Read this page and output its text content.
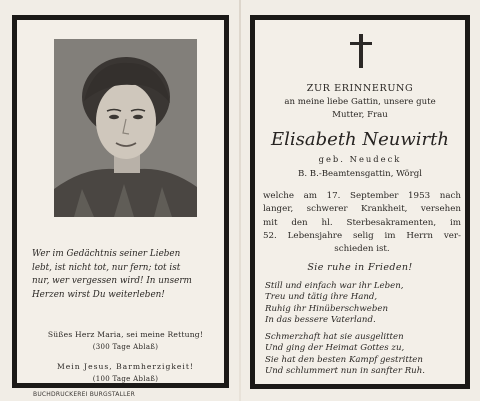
Wer im Gedächtnis seiner Lieben
lebt, ist nicht tot, nur fern; tot ist
nur, wer vergessen wird! In unserm
Herzen wirst Du weiterleben!
Süßes Herz Maria, sei meine Rettung!
(300 Tage Ablaß)
Mein Jesus, Barmherzigkeit!
(100 Tage Ablaß)
BUCHDRUCKEREI BURGSTALLER
ZUR ERINNERUNG
an meine liebe Gattin, unsere gute
Mutter, Frau
Elisabeth Neuwirth
geb. Neudeck
B. B.-Beamtensgattin, Wörgl
welche am 17. September 1953 nach
langer, schwerer Krankheit, versehen
mit den hl. Sterbesakramenten, im
52. Lebensjahre selig im Herrn ver-
schieden ist.
Sie ruhe in Frieden!
Still und einfach war ihr Leben,
Treu und tätig ihre Hand,
Ruhig ihr Hinüberschweben
In das bessere Vaterland.
Schmerzhaft hat sie ausgelitten
Und ging der Heimat Gottes zu,
Sie hat den besten Kampf gestritten
Und schlummert nun in sanfter Ruh.
